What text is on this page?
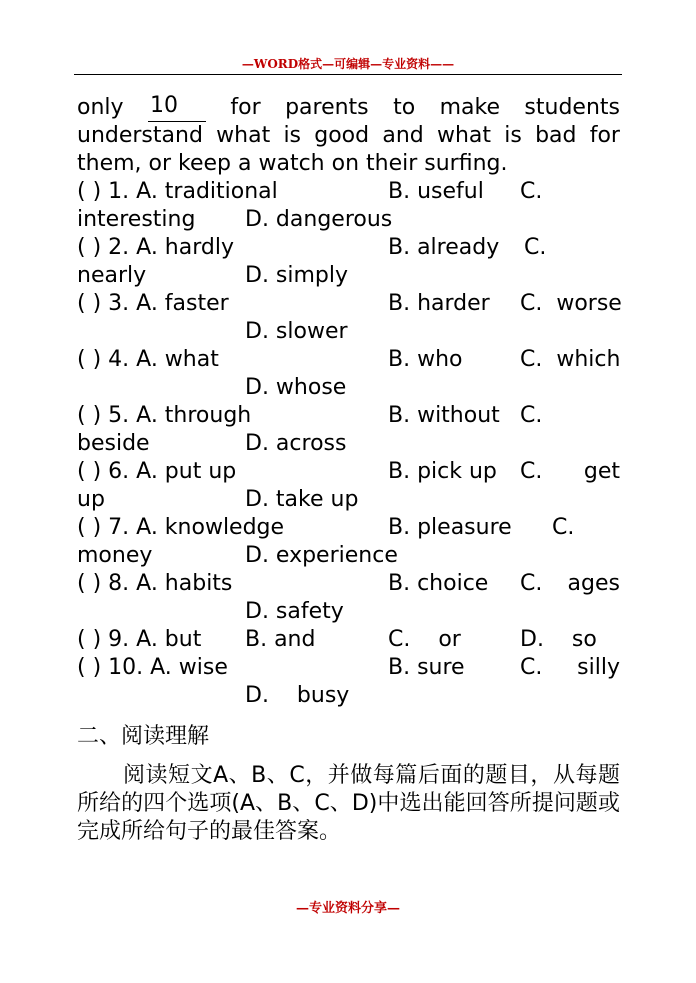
—WORD格式—可编辑—专业资料——
only 10	for parents to make students
understand what is good and what is bad for
them, or keep a watch on their surfing.
( ) 1. A. traditional	B. useful C.
interesting D. dangerous
( ) 2. A. hardly	B. already C.
nearly	D. simply
( ) 3. A. faster	B. harder C.  worse
D. slower
( ) 4. A. what	B. who	C.  which
D. whose
( ) 5. A. through	B. without C.
beside	D. across
( ) 6. A. put up	B. pick up C. get
up	D. take up
( ) 7. A. knowledge	B. pleasure C.
money	D. experience
( ) 8. A. habits	B. choice C. ages
D. safety
( ) 9. A. but B. and	C.    or	D.    so
( ) 10. A. wise	B. sure	C. silly
D.    busy
二、阅读理解
阅读短文A、B、C，并做每篇后面的题目，从每题所给的四个选项(A、B、C、D)中选出能回答所提问题或完成所给句子的最佳答案。
—专业资料分享—
